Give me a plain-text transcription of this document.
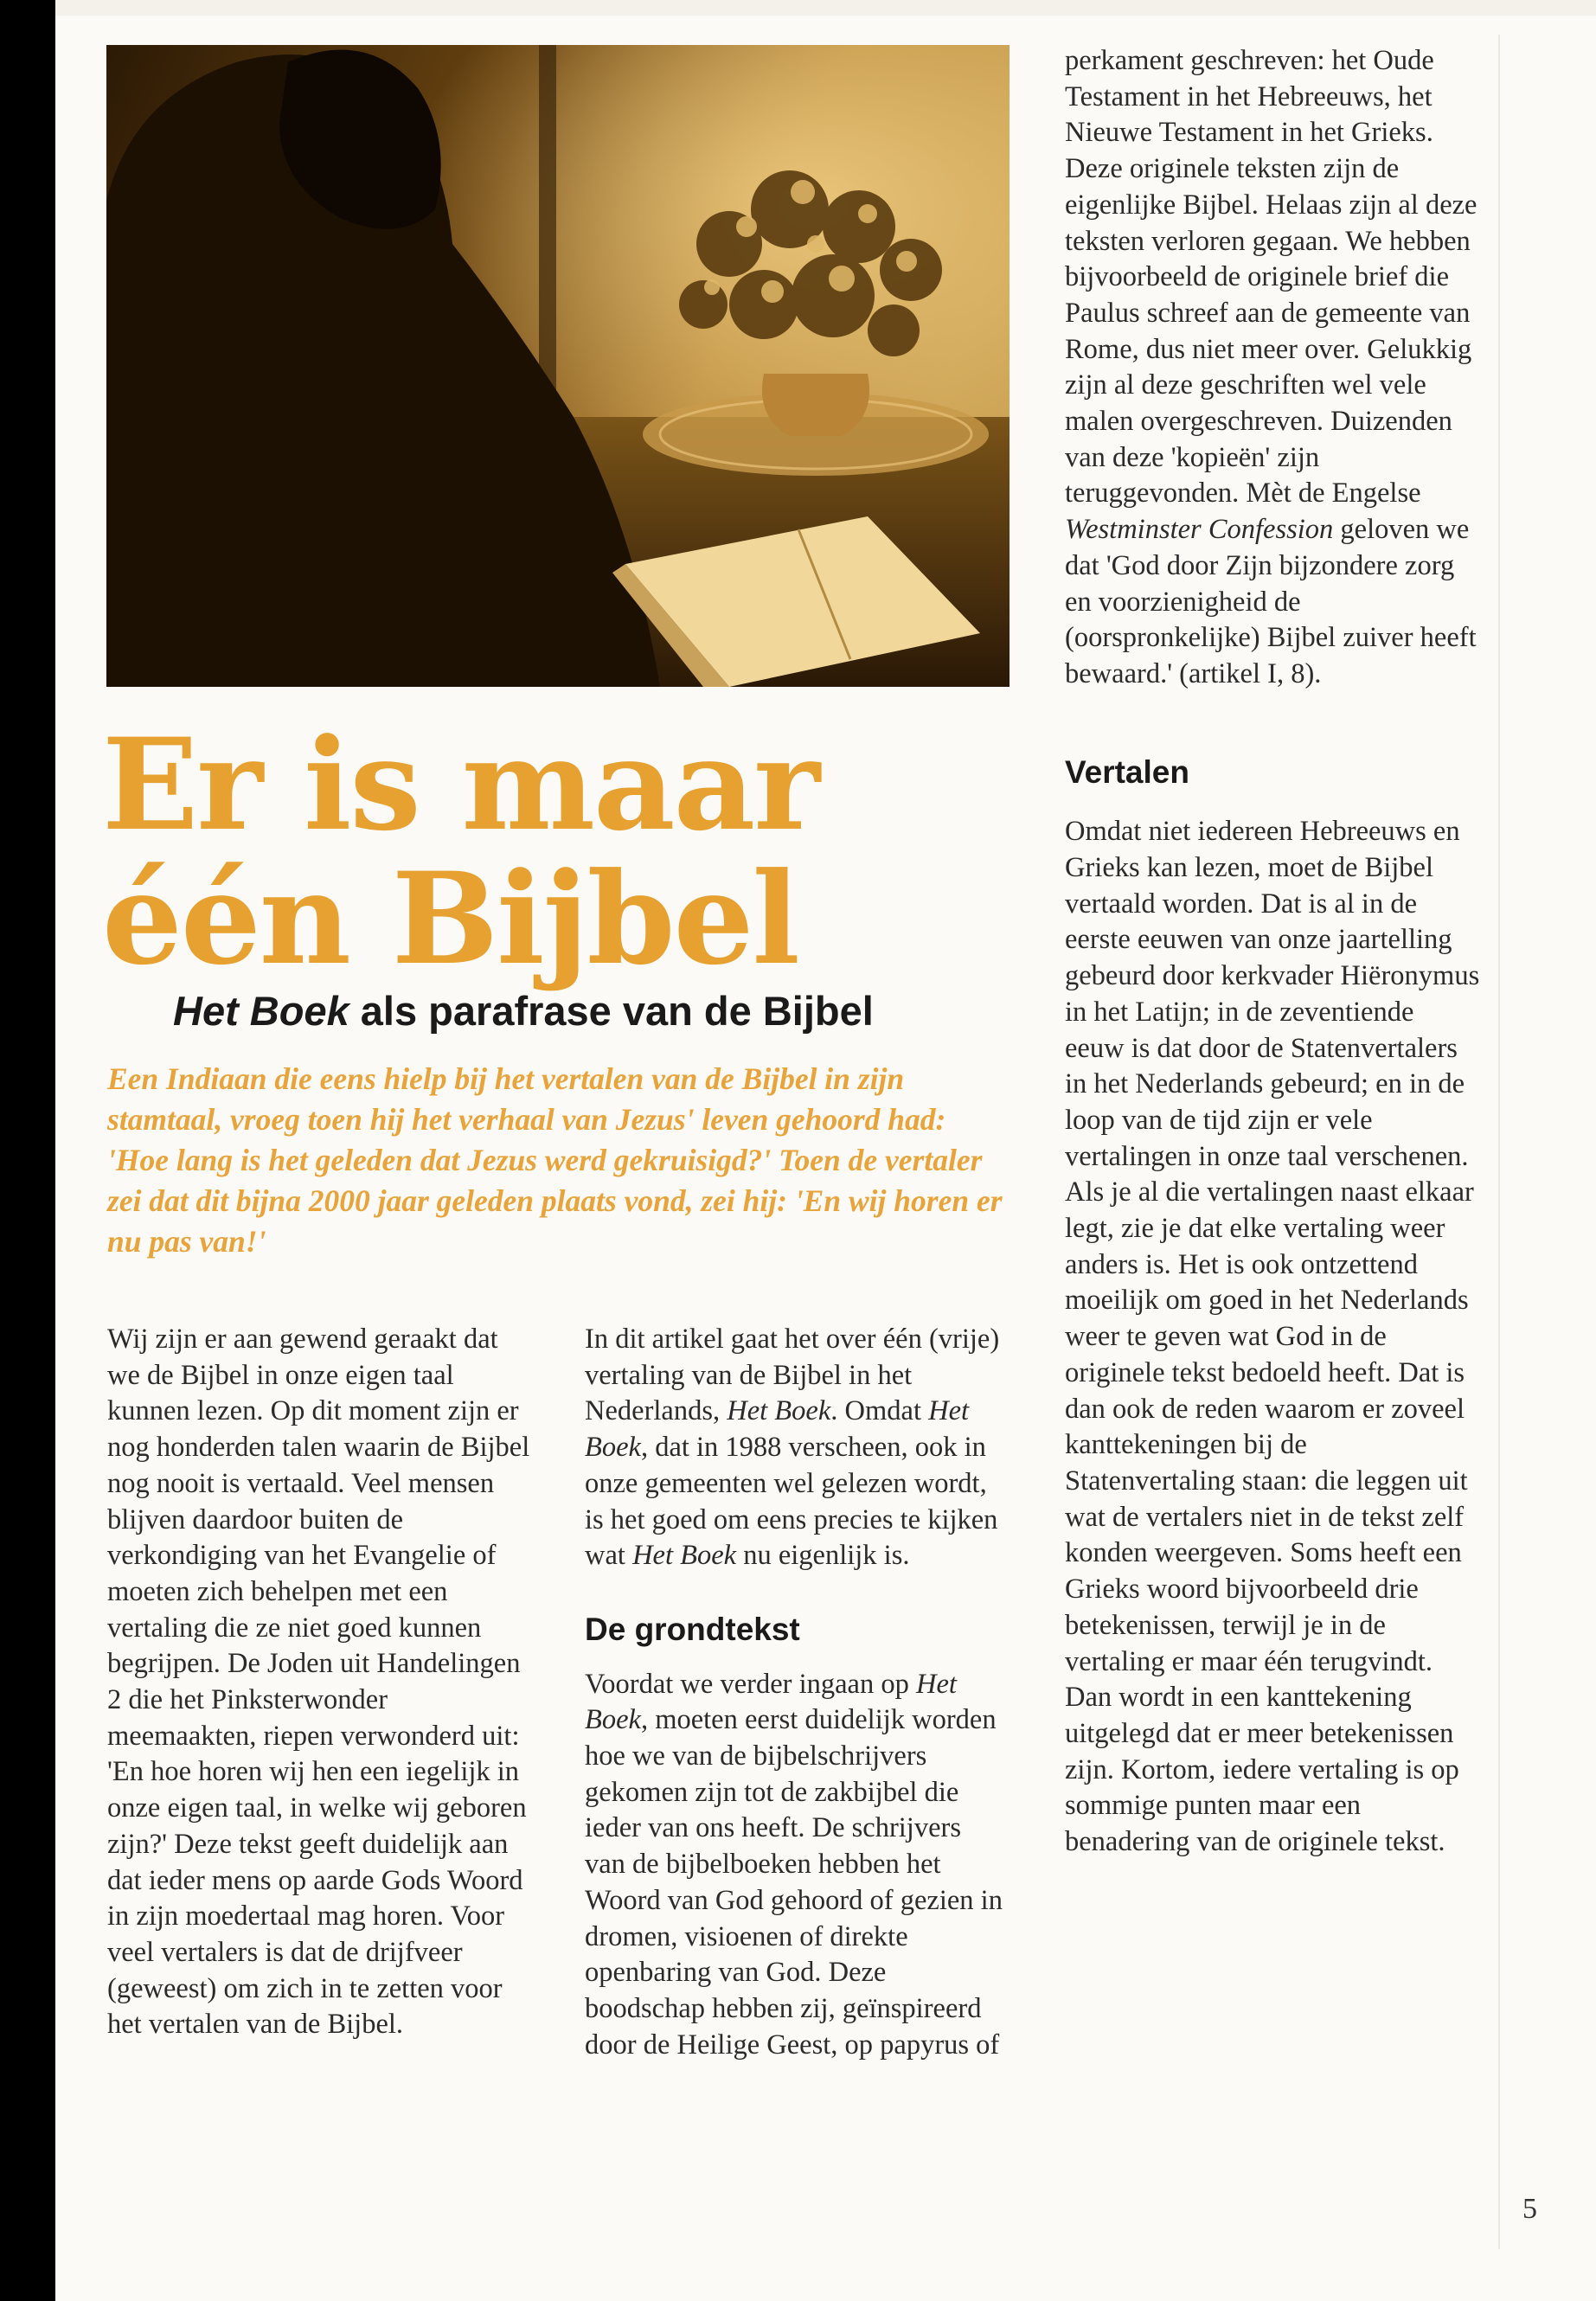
Er is maar
één Bijbel
Het Boek als parafrase van de Bijbel
Een Indiaan die eens hielp bij het vertalen van de Bijbel in zijn stamtaal, vroeg toen hij het verhaal van Jezus' leven gehoord had: 'Hoe lang is het geleden dat Jezus werd gekruisigd?' Toen de vertaler zei dat dit bijna 2000 jaar geleden plaats vond, zei hij: 'En wij horen er nu pas van!'

Wij zijn er aan gewend geraakt dat we de Bijbel in onze eigen taal kunnen lezen. Op dit moment zijn er nog honderden talen waarin de Bijbel nog nooit is vertaald. Veel mensen blijven daardoor buiten de verkondiging van het Evangelie of moeten zich behelpen met een vertaling die ze niet goed kunnen begrijpen. De Joden uit Handelingen 2 die het Pinksterwonder meemaakten, riepen verwonderd uit: 'En hoe horen wij hen een iegelijk in onze eigen taal, in welke wij geboren zijn?' Deze tekst geeft duidelijk aan dat ieder mens op aarde Gods Woord in zijn moedertaal mag horen. Voor veel vertalers is dat de drijfveer (geweest) om zich in te zetten voor het vertalen van de Bijbel.

In dit artikel gaat het over één (vrije) vertaling van de Bijbel in het Nederlands, Het Boek. Omdat Het Boek, dat in 1988 verscheen, ook in onze gemeenten wel gelezen wordt, is het goed om eens precies te kijken wat Het Boek nu eigenlijk is.

De grondtekst

Voordat we verder ingaan op Het Boek, moeten eerst duidelijk worden hoe we van de bijbelschrijvers gekomen zijn tot de zakbijbel die ieder van ons heeft. De schrijvers van de bijbelboeken hebben het Woord van God gehoord of gezien in dromen, visioenen of direkte openbaring van God. Deze boodschap hebben zij, geïnspireerd door de Heilige Geest, op papyrus of

perkament geschreven: het Oude Testament in het Hebreeuws, het Nieuwe Testament in het Grieks. Deze originele teksten zijn de eigenlijke Bijbel. Helaas zijn al deze teksten verloren gegaan. We hebben bijvoorbeeld de originele brief die Paulus schreef aan de gemeente van Rome, dus niet meer over. Gelukkig zijn al deze geschriften wel vele malen overgeschreven. Duizenden van deze 'kopieën' zijn teruggevonden. Mèt de Engelse Westminster Confession geloven we dat 'God door Zijn bijzondere zorg en voorzienigheid de (oorspronkelijke) Bijbel zuiver heeft bewaard.' (artikel I, 8).

Vertalen

Omdat niet iedereen Hebreeuws en Grieks kan lezen, moet de Bijbel vertaald worden. Dat is al in de eerste eeuwen van onze jaartelling gebeurd door kerkvader Hiëronymus in het Latijn; in de zeventiende eeuw is dat door de Statenvertalers in het Nederlands gebeurd; en in de loop van de tijd zijn er vele vertalingen in onze taal verschenen. Als je al die vertalingen naast elkaar legt, zie je dat elke vertaling weer anders is. Het is ook ontzettend moeilijk om goed in het Nederlands weer te geven wat God in de originele tekst bedoeld heeft. Dat is dan ook de reden waarom er zoveel kanttekeningen bij de Statenvertaling staan: die leggen uit wat de vertalers niet in de tekst zelf konden weergeven. Soms heeft een Grieks woord bijvoorbeeld drie betekenissen, terwijl je in de vertaling er maar één terugvindt. Dan wordt in een kanttekening uitgelegd dat er meer betekenissen zijn. Kortom, iedere vertaling is op sommige punten maar een benadering van de originele tekst.

5
